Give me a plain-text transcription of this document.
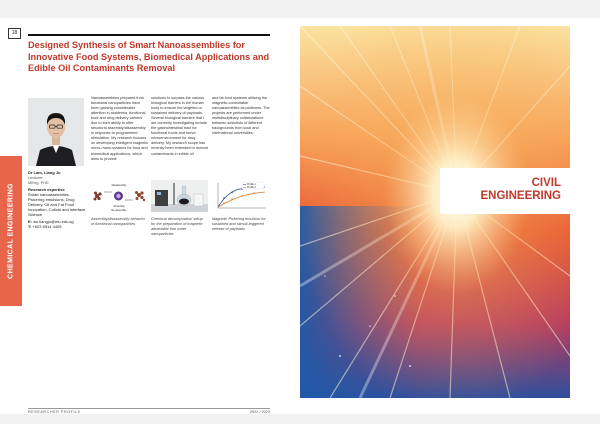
18
Designed Synthesis of Smart Nanoassemblies for Innovative Food Systems, Biomedical Applications and Edible Oil Contaminants Removal
CHEMICAL ENGINEERING
Dr Lam, Liang Ju
Lecturer
MEng, PhD
Research expertise
Smart nanoassemblies, Pickering emulsions, Drug Delivery, Oil and Fat Food Innovation, Colloid and Interface Science
E: wu.liangju@ntu.edu.sg
T: +603 9514 4405
Nanoassemblies prepared from functional nanoparticles have been gaining considerable attention in academia, functional food and drug delivery carriers due to their ability to offer structural assembly/disassembly in response to programmed stimulation. My research focuses on developing intelligent magnetic micro-/nano-systems for food and biomedical applications, which aims to provide
solutions to surpass the various biological barriers in the human body to ensure the targeted or sustained delivery of payloads. Several biological barriers that I am currently investigating include the gastrointestinal tract for functional foods and tumor microenvironment for drug delivery. My research scope has recently been extended to remove contaminants in edible oil
and fat food systems utilizing the magnetic-controllable nanoassemblies as platforms. The projects are performed under multidisciplinary collaborations between scientists of different backgrounds from local and international universities.
Disassembly
Assembly
Re-assembly
Profile 1
Profile 2
Assembly/disassembly behavior of functional nanoparticles
Chemical decomposition setup for the preparation of magnetic attractable iron oxide nanoparticles
Magnetic Pickering emulsion for sustained and stimuli-triggered release of payloads
RESEARCHER PROFILE	2022 / 2023
CIVIL
ENGINEERING
